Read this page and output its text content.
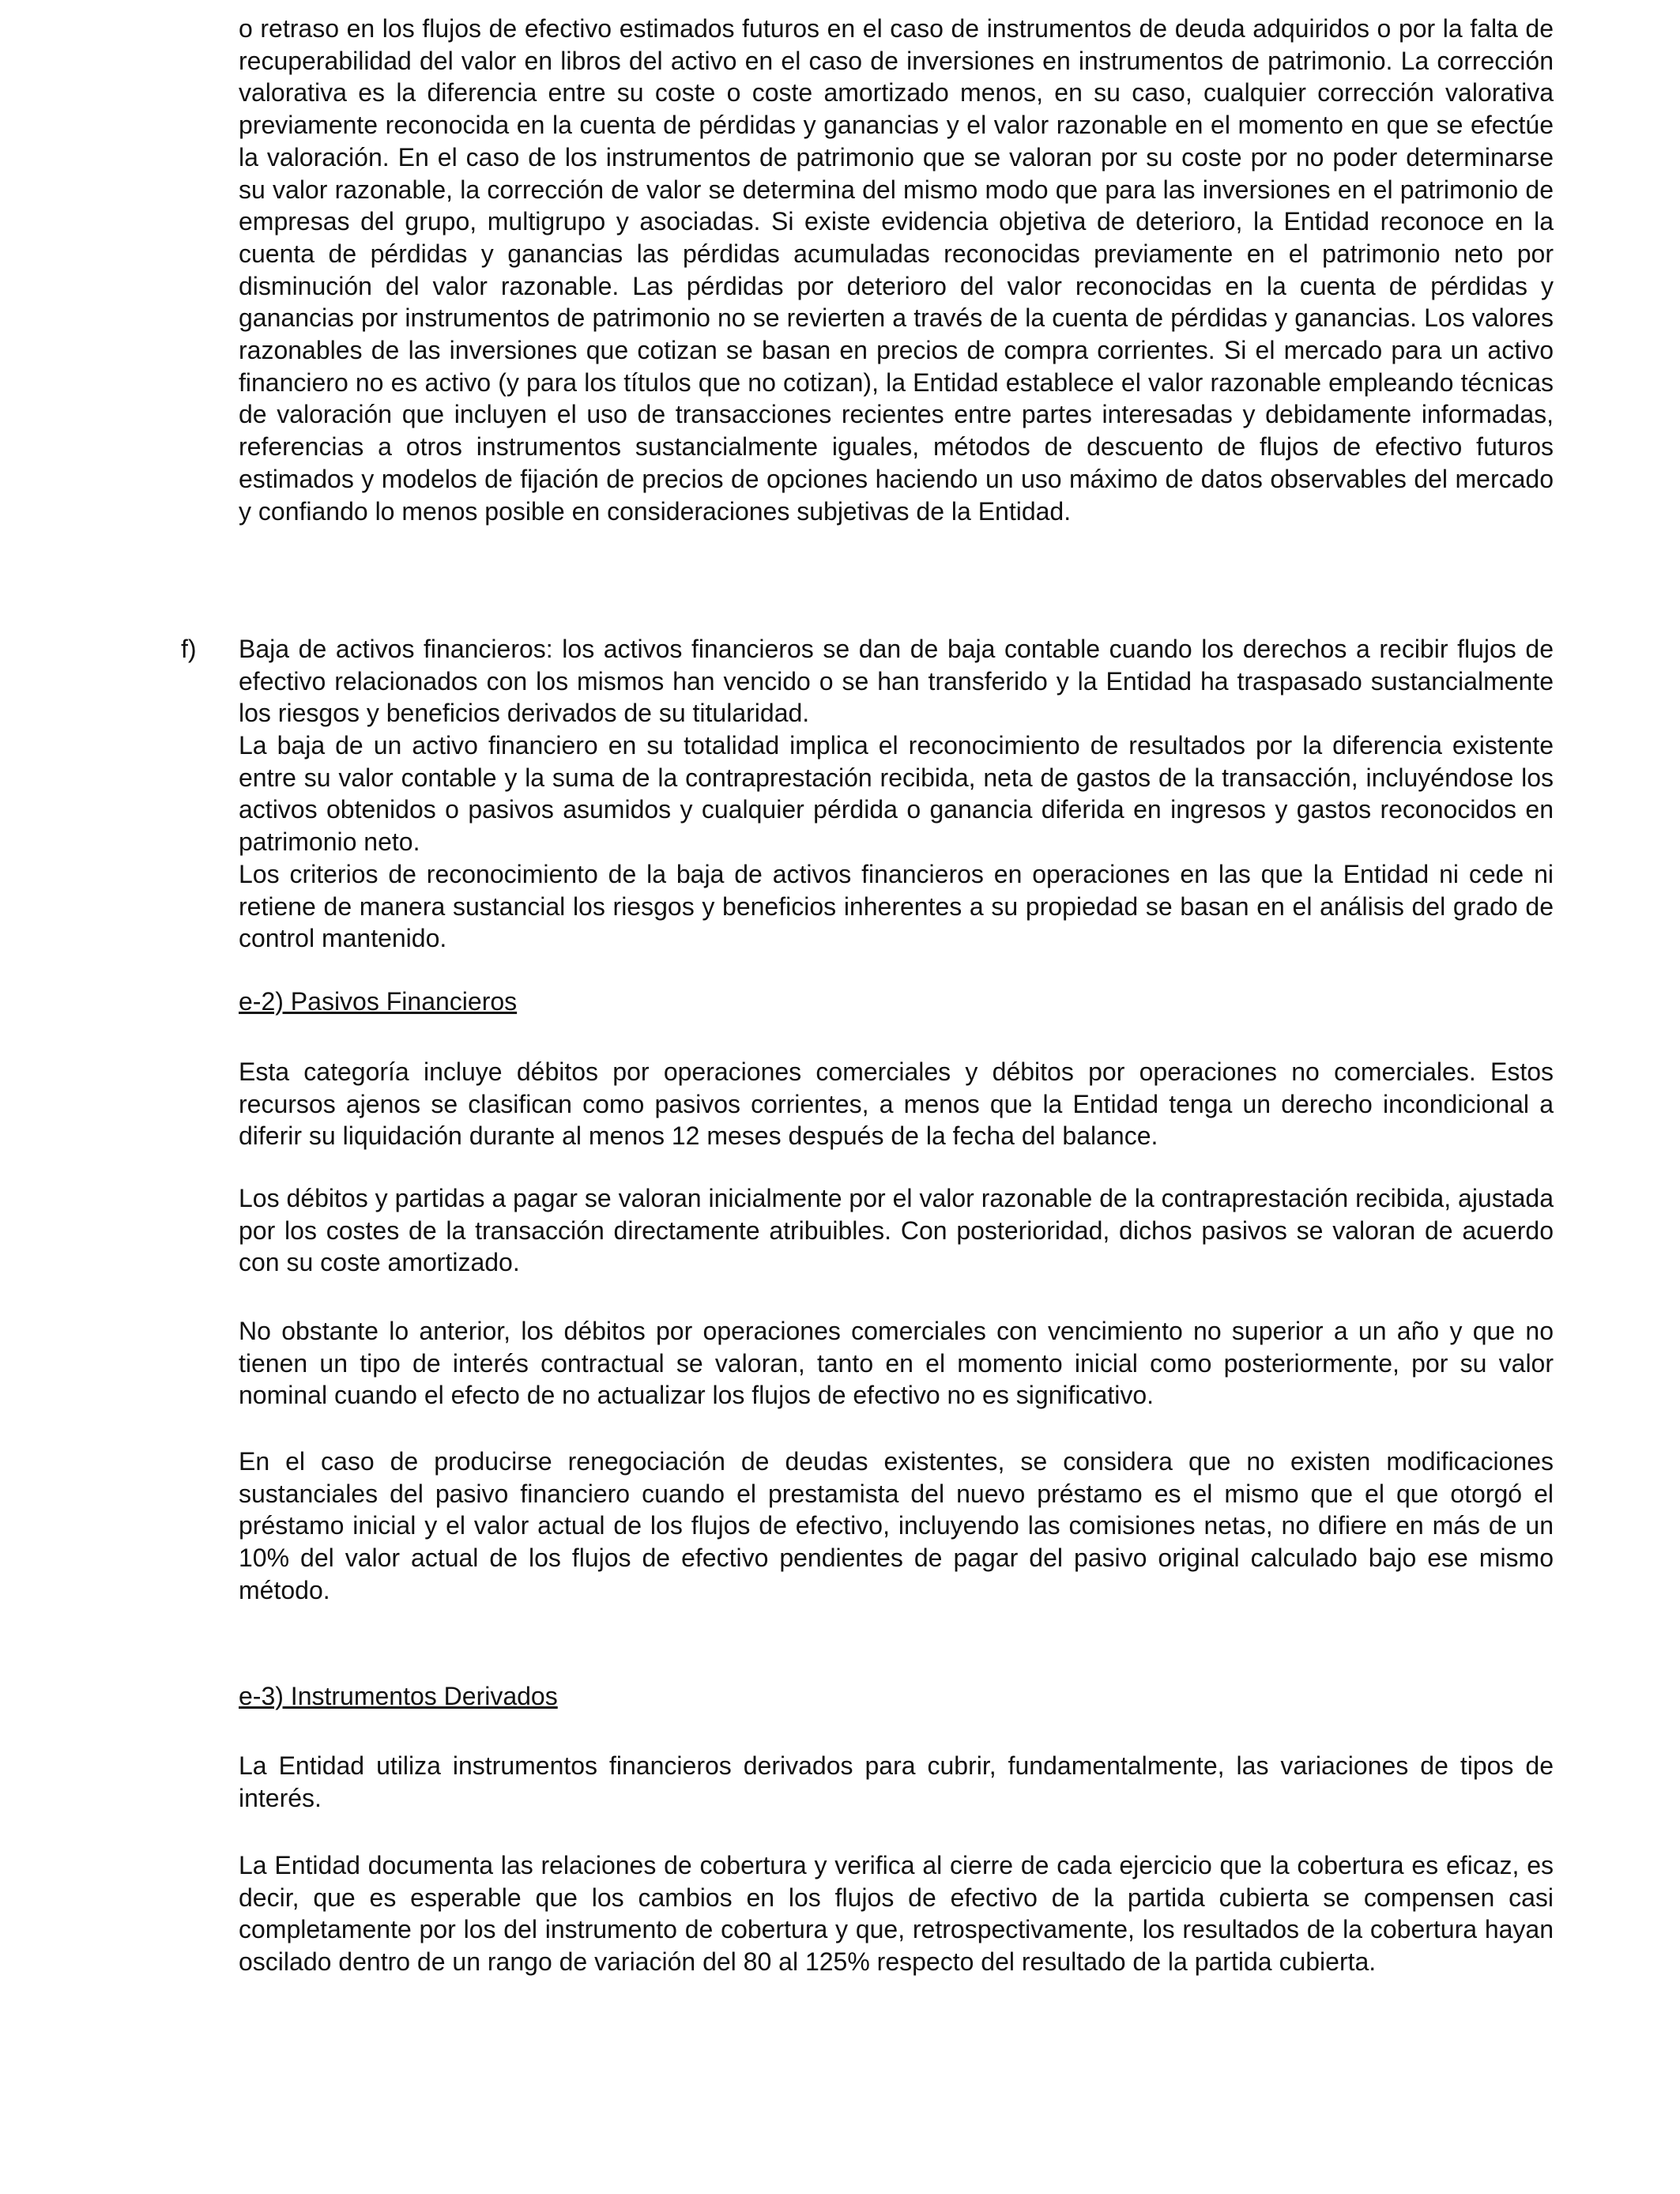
o retraso en los flujos de efectivo estimados futuros en el caso de instrumentos de deuda adquiridos o por la falta de recuperabilidad del valor en libros del activo en el caso de inversiones en instrumentos de patrimonio. La corrección valorativa es la diferencia entre su coste o coste amortizado menos, en su caso, cualquier corrección valorativa previamente reconocida en la cuenta de pérdidas y ganancias y el valor razonable en el momento en que se efectúe la valoración. En el caso de los instrumentos de patrimonio que se valoran por su coste por no poder determinarse su valor razonable, la corrección de valor se determina del mismo modo que para las inversiones en el patrimonio de empresas del grupo, multigrupo y asociadas. Si existe evidencia objetiva de deterioro, la Entidad reconoce en la cuenta de pérdidas y ganancias las pérdidas acumuladas reconocidas previamente en el patrimonio neto por disminución del valor razonable. Las pérdidas por deterioro del valor reconocidas en la cuenta de pérdidas y ganancias por instrumentos de patrimonio no se revierten a través de la cuenta de pérdidas y ganancias. Los valores razonables de las inversiones que cotizan se basan en precios de compra corrientes. Si el mercado para un activo financiero no es activo (y para los títulos que no cotizan), la Entidad establece el valor razonable empleando técnicas de valoración que incluyen el uso de transacciones recientes entre partes interesadas y debidamente informadas, referencias a otros instrumentos sustancialmente iguales, métodos de descuento de flujos de efectivo futuros estimados y modelos de fijación de precios de opciones haciendo un uso máximo de datos observables del mercado y confiando lo menos posible en consideraciones subjetivas de la Entidad.

f) Baja de activos financieros: los activos financieros se dan de baja contable cuando los derechos a recibir flujos de efectivo relacionados con los mismos han vencido o se han transferido y la Entidad ha traspasado sustancialmente los riesgos y beneficios derivados de su titularidad.

La baja de un activo financiero en su totalidad implica el reconocimiento de resultados por la diferencia existente entre su valor contable y la suma de la contraprestación recibida, neta de gastos de la transacción, incluyéndose los activos obtenidos o pasivos asumidos y cualquier pérdida o ganancia diferida en ingresos y gastos reconocidos en patrimonio neto.

Los criterios de reconocimiento de la baja de activos financieros en operaciones en las que la Entidad ni cede ni retiene de manera sustancial los riesgos y beneficios inherentes a su propiedad se basan en el análisis del grado de control mantenido.

e-2) Pasivos Financieros

Esta categoría incluye débitos por operaciones comerciales y débitos por operaciones no comerciales. Estos recursos ajenos se clasifican como pasivos corrientes, a menos que la Entidad tenga un derecho incondicional a diferir su liquidación durante al menos 12 meses después de la fecha del balance.

Los débitos y partidas a pagar se valoran inicialmente por el valor razonable de la contraprestación recibida, ajustada por los costes de la transacción directamente atribuibles. Con posterioridad, dichos pasivos se valoran de acuerdo con su coste amortizado.

No obstante lo anterior, los débitos por operaciones comerciales con vencimiento no superior a un año y que no tienen un tipo de interés contractual se valoran, tanto en el momento inicial como posteriormente, por su valor nominal cuando el efecto de no actualizar los flujos de efectivo no es significativo.

En el caso de producirse renegociación de deudas existentes, se considera que no existen modificaciones sustanciales del pasivo financiero cuando el prestamista del nuevo préstamo es el mismo que el que otorgó el préstamo inicial y el valor actual de los flujos de efectivo, incluyendo las comisiones netas, no difiere en más de un 10% del valor actual de los flujos de efectivo pendientes de pagar del pasivo original calculado bajo ese mismo método.

e-3) Instrumentos Derivados

La Entidad utiliza instrumentos financieros derivados para cubrir, fundamentalmente, las variaciones de tipos de interés.

La Entidad documenta las relaciones de cobertura y verifica al cierre de cada ejercicio que la cobertura es eficaz, es decir, que es esperable que los cambios en los flujos de efectivo de la partida cubierta se compensen casi completamente por los del instrumento de cobertura y que, retrospectivamente, los resultados de la cobertura hayan oscilado dentro de un rango de variación del 80 al 125% respecto del resultado de la partida cubierta.
